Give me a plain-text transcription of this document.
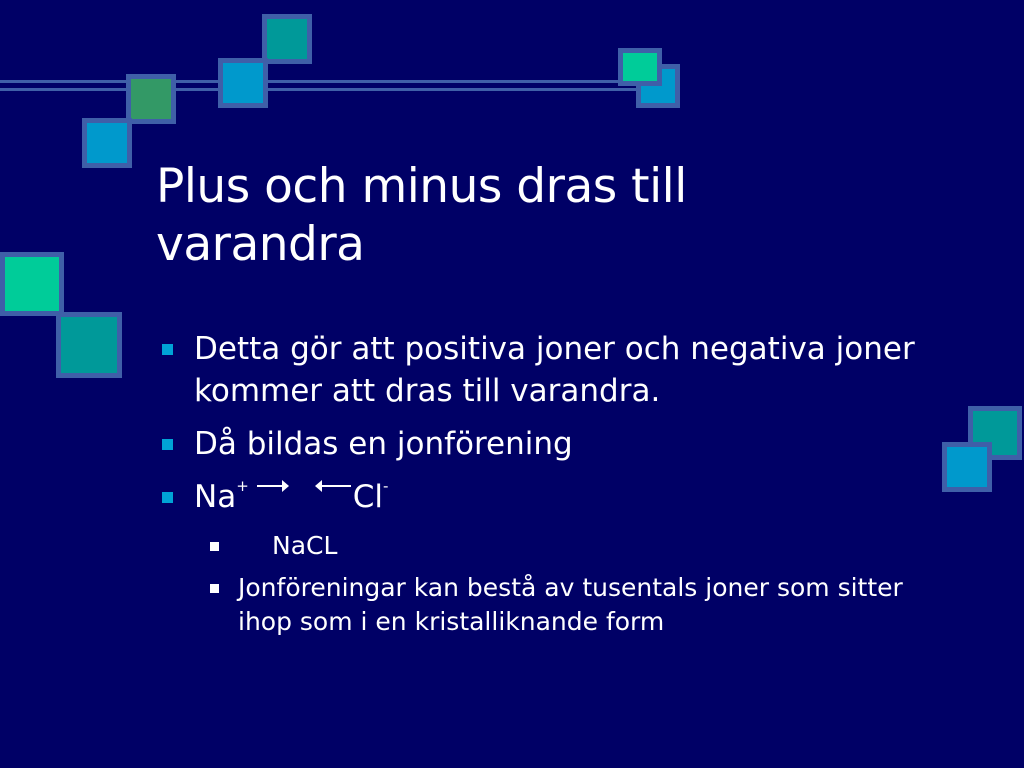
Plus och minus dras till varandra
Detta gör att positiva joner och negativa joner kommer att dras till varandra.
Då bildas en jonförening
Na+	Cl-
NaCL
Jonföreningar kan bestå av tusentals joner som sitter ihop som i en kristalliknande form
